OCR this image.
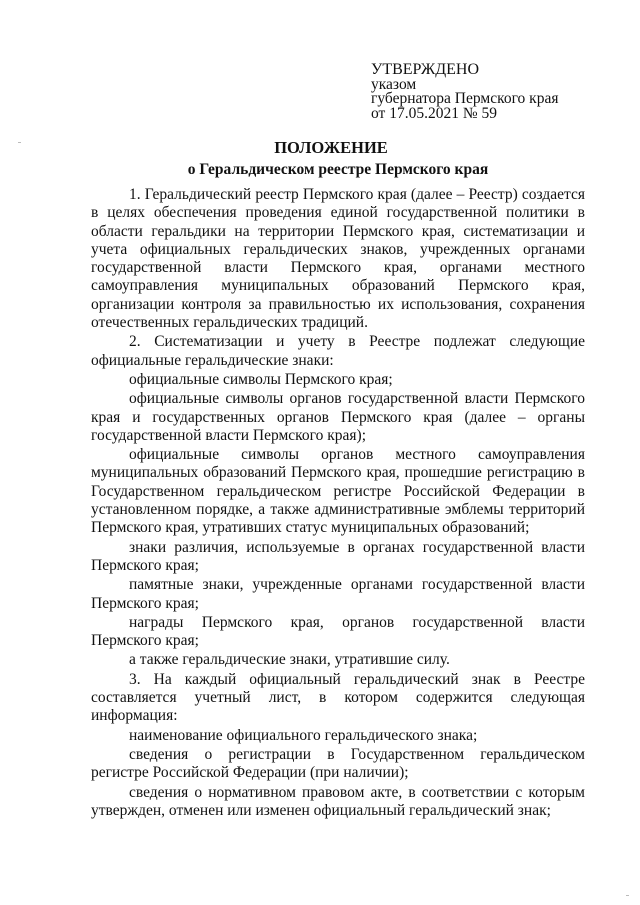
УТВЕРЖДЕНО
указом
губернатора Пермского края
от 17.05.2021 № 59
ПОЛОЖЕНИЕ
о Геральдическом реестре Пермского края

1. Геральдический реестр Пермского края (далее – Реестр) создается в целях обеспечения проведения единой государственной политики в области геральдики на территории Пермского края, систематизации и учета официальных геральдических знаков, учрежденных органами государственной власти Пермского края, органами местного самоуправления муниципальных образований Пермского края, организации контроля за правильностью их использования, сохранения отечественных геральдических традиций.

2. Систематизации и учету в Реестре подлежат следующие официальные геральдические знаки:

официальные символы Пермского края;

официальные символы органов государственной власти Пермского края и государственных органов Пермского края (далее – органы государственной власти Пермского края);

официальные символы органов местного самоуправления муниципальных образований Пермского края, прошедшие регистрацию в Государственном геральдическом регистре Российской Федерации в установленном порядке, а также административные эмблемы территорий Пермского края, утративших статус муниципальных образований;

знаки различия, используемые в органах государственной власти Пермского края;

памятные знаки, учрежденные органами государственной власти Пермского края;

награды Пермского края, органов государственной власти Пермского края;

а также геральдические знаки, утратившие силу.

3. На каждый официальный геральдический знак в Реестре составляется учетный лист, в котором содержится следующая информация:

наименование официального геральдического знака;

сведения о регистрации в Государственном геральдическом регистре Российской Федерации (при наличии);

сведения о нормативном правовом акте, в соответствии с которым утвержден, отменен или изменен официальный геральдический знак;
